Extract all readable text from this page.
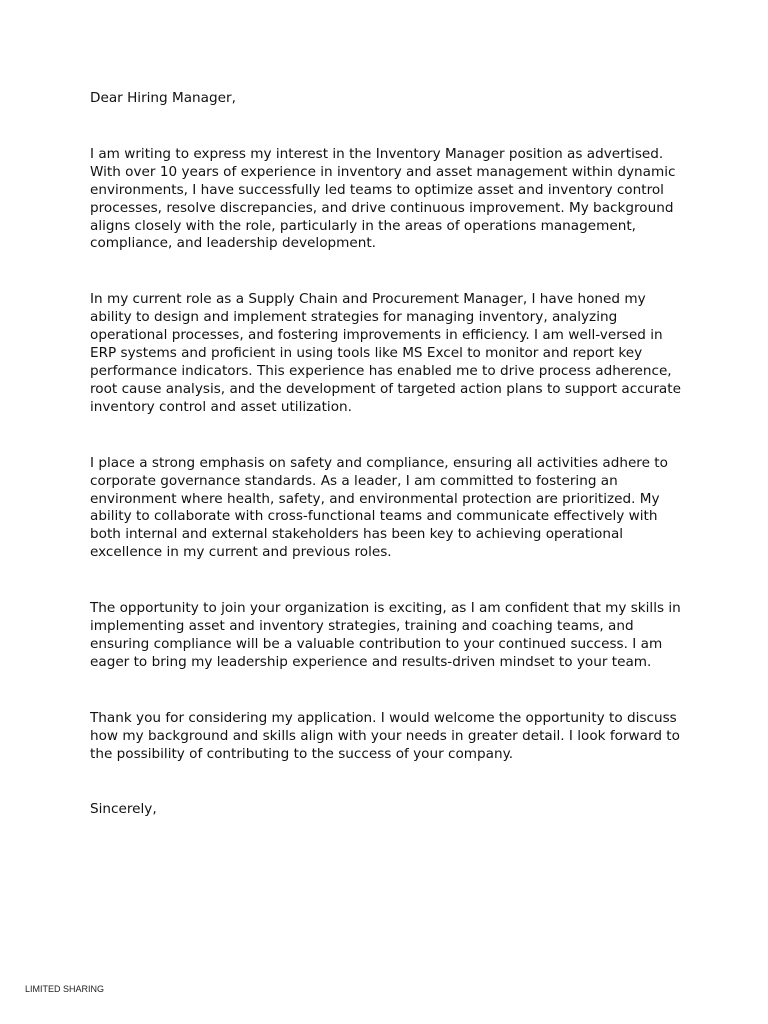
Dear Hiring Manager,

I am writing to express my interest in the Inventory Manager position as advertised. With over 10 years of experience in inventory and asset management within dynamic environments, I have successfully led teams to optimize asset and inventory control processes, resolve discrepancies, and drive continuous improvement. My background aligns closely with the role, particularly in the areas of operations management, compliance, and leadership development.

In my current role as a Supply Chain and Procurement Manager, I have honed my ability to design and implement strategies for managing inventory, analyzing operational processes, and fostering improvements in efficiency. I am well-versed in ERP systems and proficient in using tools like MS Excel to monitor and report key performance indicators. This experience has enabled me to drive process adherence, root cause analysis, and the development of targeted action plans to support accurate inventory control and asset utilization.

I place a strong emphasis on safety and compliance, ensuring all activities adhere to corporate governance standards. As a leader, I am committed to fostering an environment where health, safety, and environmental protection are prioritized. My ability to collaborate with cross-functional teams and communicate effectively with both internal and external stakeholders has been key to achieving operational excellence in my current and previous roles.

The opportunity to join your organization is exciting, as I am confident that my skills in implementing asset and inventory strategies, training and coaching teams, and ensuring compliance will be a valuable contribution to your continued success. I am eager to bring my leadership experience and results-driven mindset to your team.

Thank you for considering my application. I would welcome the opportunity to discuss how my background and skills align with your needs in greater detail. I look forward to the possibility of contributing to the success of your company.

Sincerely,

LIMITED SHARING
